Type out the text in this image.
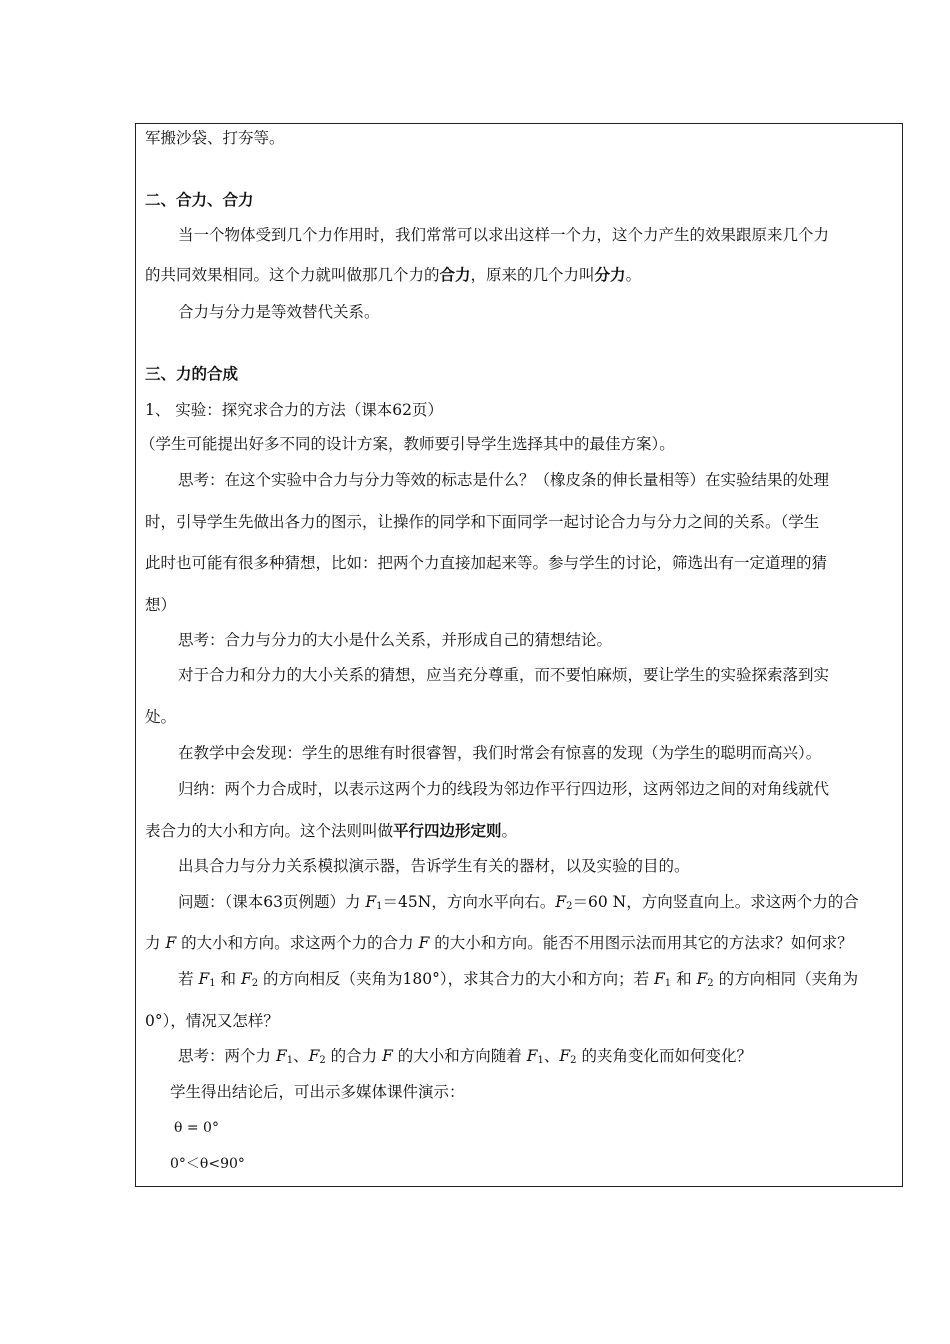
军搬沙袋、打夯等。
二、合力、合力
当一个物体受到几个力作用时，我们常常可以求出这样一个力，这个力产生的效果跟原来几个力
的共同效果相同。这个力就叫做那几个力的合力，原来的几个力叫分力。
合力与分力是等效替代关系。
三、力的合成
1、 实验：探究求合力的方法（课本62页）
（学生可能提出好多不同的设计方案，教师要引导学生选择其中的最佳方案）。
思考：在这个实验中合力与分力等效的标志是什么？（橡皮条的伸长量相等）在实验结果的处理
时，引导学生先做出各力的图示，让操作的同学和下面同学一起讨论合力与分力之间的关系。（学生
此时也可能有很多种猜想，比如：把两个力直接加起来等。参与学生的讨论，筛选出有一定道理的猜
想）
思考：合力与分力的大小是什么关系，并形成自己的猜想结论。
对于合力和分力的大小关系的猜想，应当充分尊重，而不要怕麻烦，要让学生的实验探索落到实
处。
在教学中会发现：学生的思维有时很睿智，我们时常会有惊喜的发现（为学生的聪明而高兴）。
归纳：两个力合成时，以表示这两个力的线段为邻边作平行四边形，这两邻边之间的对角线就代
表合力的大小和方向。这个法则叫做平行四边形定则。
出具合力与分力关系模拟演示器，告诉学生有关的器材，以及实验的目的。
问题：（课本63页例题）力 $F_1=45N$，方向水平向右。$F_2=60$ N，方向竖直向上。求这两个力的合
力 F 的大小和方向。求这两个力的合力 F 的大小和方向。能否不用图示法而用其它的方法求？如何求？
若 $F_1$ 和 $F_2$ 的方向相反（夹角为180°），求其合力的大小和方向；若 $F_1$ 和 $F_2$ 的方向相同（夹角为
0°），情况又怎样？
思考：两个力 $F_1$、$F_2$ 的合力 F 的大小和方向随着 $F_1$、$F_2$ 的夹角变化而如何变化？
学生得出结论后，可出示多媒体课件演示：
θ = 0°
0°＜θ<90°
